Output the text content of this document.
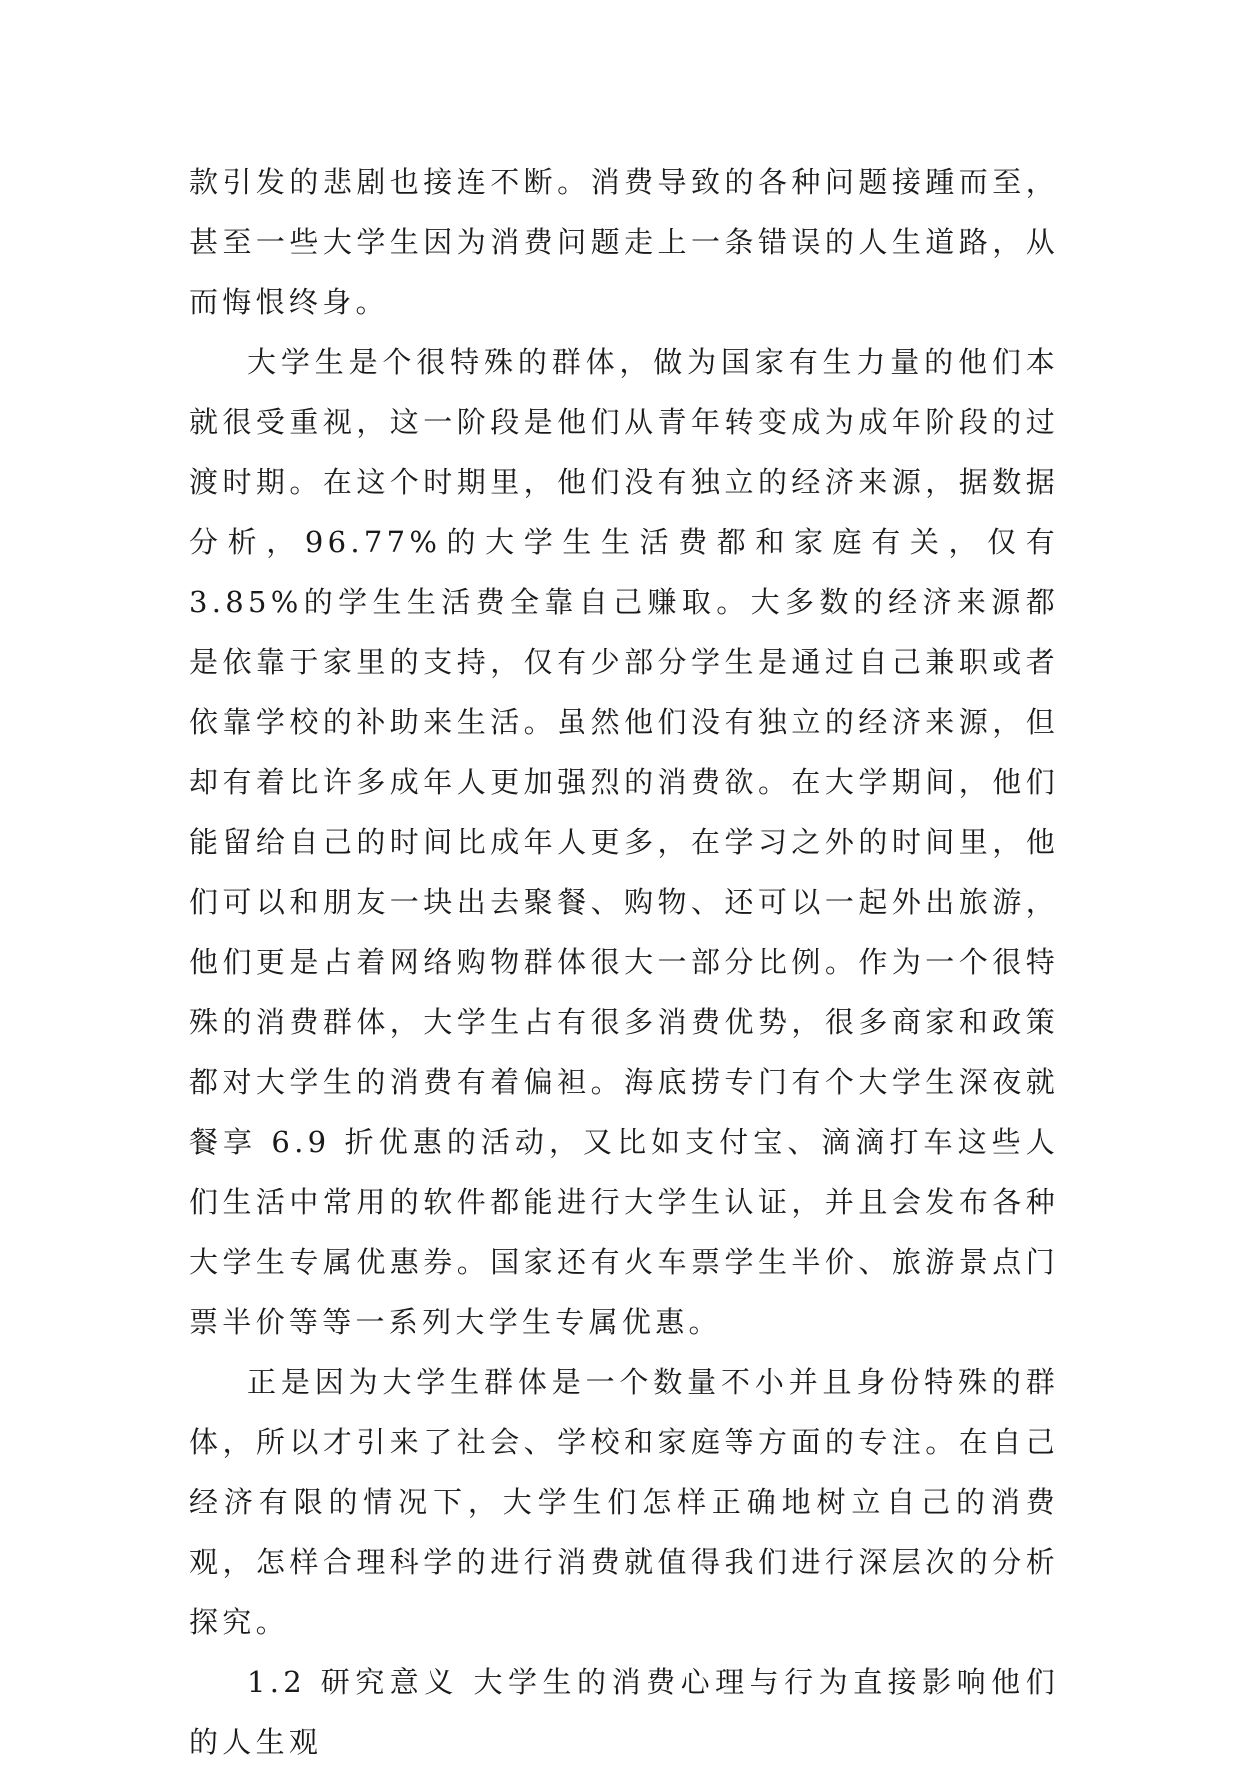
款引发的悲剧也接连不断。消费导致的各种问题接踵而至，甚至一些大学生因为消费问题走上一条错误的人生道路，从而悔恨终身。

大学生是个很特殊的群体，做为国家有生力量的他们本就很受重视，这一阶段是他们从青年转变成为成年阶段的过渡时期。在这个时期里，他们没有独立的经济来源，据数据分析，96.77%的大学生生活费都和家庭有关，仅有 3.85%的学生生活费全靠自己赚取。大多数的经济来源都是依靠于家里的支持，仅有少部分学生是通过自己兼职或者依靠学校的补助来生活。虽然他们没有独立的经济来源，但却有着比许多成年人更加强烈的消费欲。在大学期间，他们能留给自己的时间比成年人更多，在学习之外的时间里，他们可以和朋友一块出去聚餐、购物、还可以一起外出旅游，他们更是占着网络购物群体很大一部分比例。作为一个很特殊的消费群体，大学生占有很多消费优势，很多商家和政策都对大学生的消费有着偏袒。海底捞专门有个大学生深夜就餐享 6.9 折优惠的活动，又比如支付宝、滴滴打车这些人们生活中常用的软件都能进行大学生认证，并且会发布各种大学生专属优惠券。国家还有火车票学生半价、旅游景点门票半价等等一系列大学生专属优惠。

正是因为大学生群体是一个数量不小并且身份特殊的群体，所以才引来了社会、学校和家庭等方面的专注。在自己经济有限的情况下，大学生们怎样正确地树立自己的消费观，怎样合理科学的进行消费就值得我们进行深层次的分析探究。

1.2 研究意义 大学生的消费心理与行为直接影响他们的人生观
